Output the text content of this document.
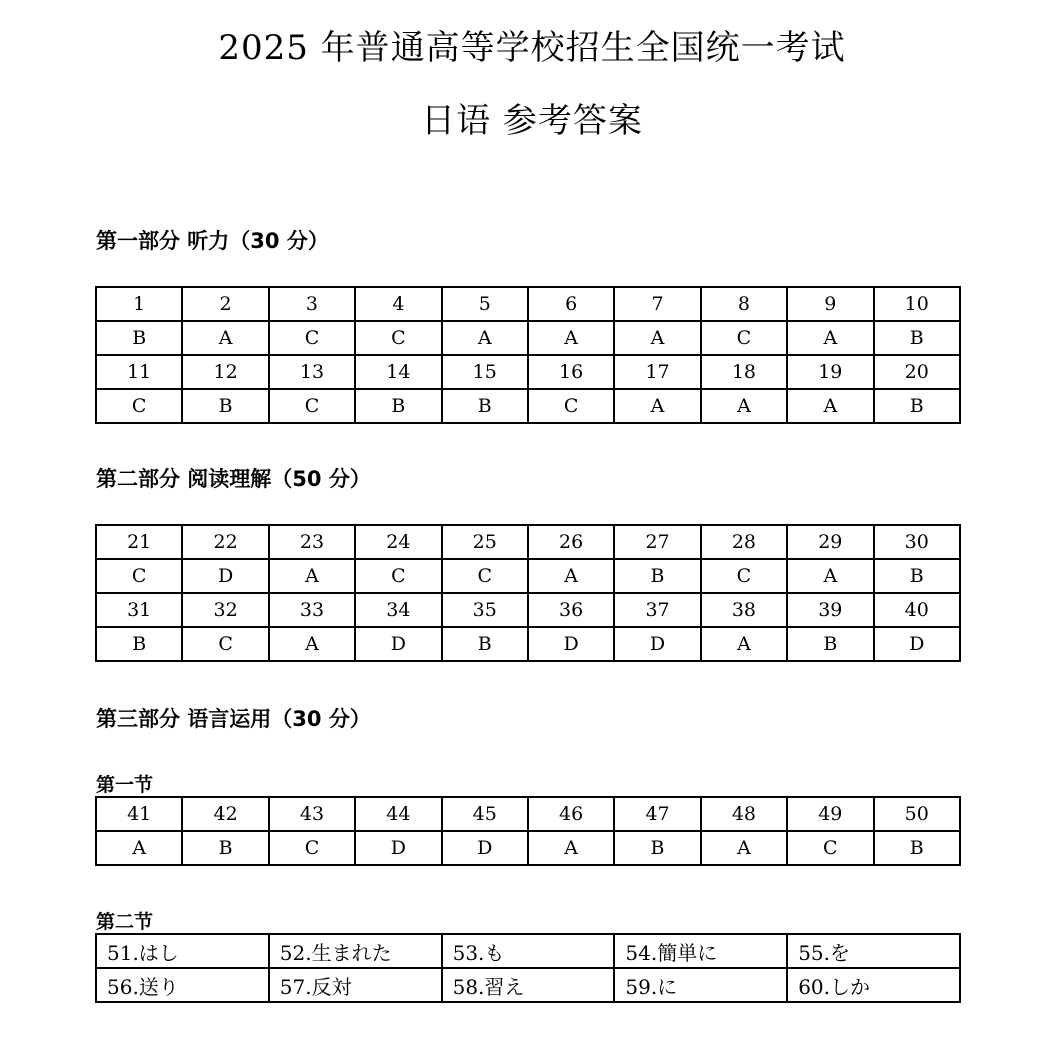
2025 年普通高等学校招生全国统一考试
日语 参考答案
第一部分 听力（30 分）
1	2	3	4	5	6	7	8	9	10
B	A	C	C	A	A	A	C	A	B
11	12	13	14	15	16	17	18	19	20
C	B	C	B	B	C	A	A	A	B
第二部分 阅读理解（50 分）
21	22	23	24	25	26	27	28	29	30
C	D	A	C	C	A	B	C	A	B
31	32	33	34	35	36	37	38	39	40
B	C	A	D	B	D	D	A	B	D
第三部分 语言运用（30 分）
第一节
41	42	43	44	45	46	47	48	49	50
A	B	C	D	D	A	B	A	C	B
第二节
51.はし	52.生まれた	53.も	54.簡単に	55.を
56.送り	57.反対	58.習え	59.に	60.しか
